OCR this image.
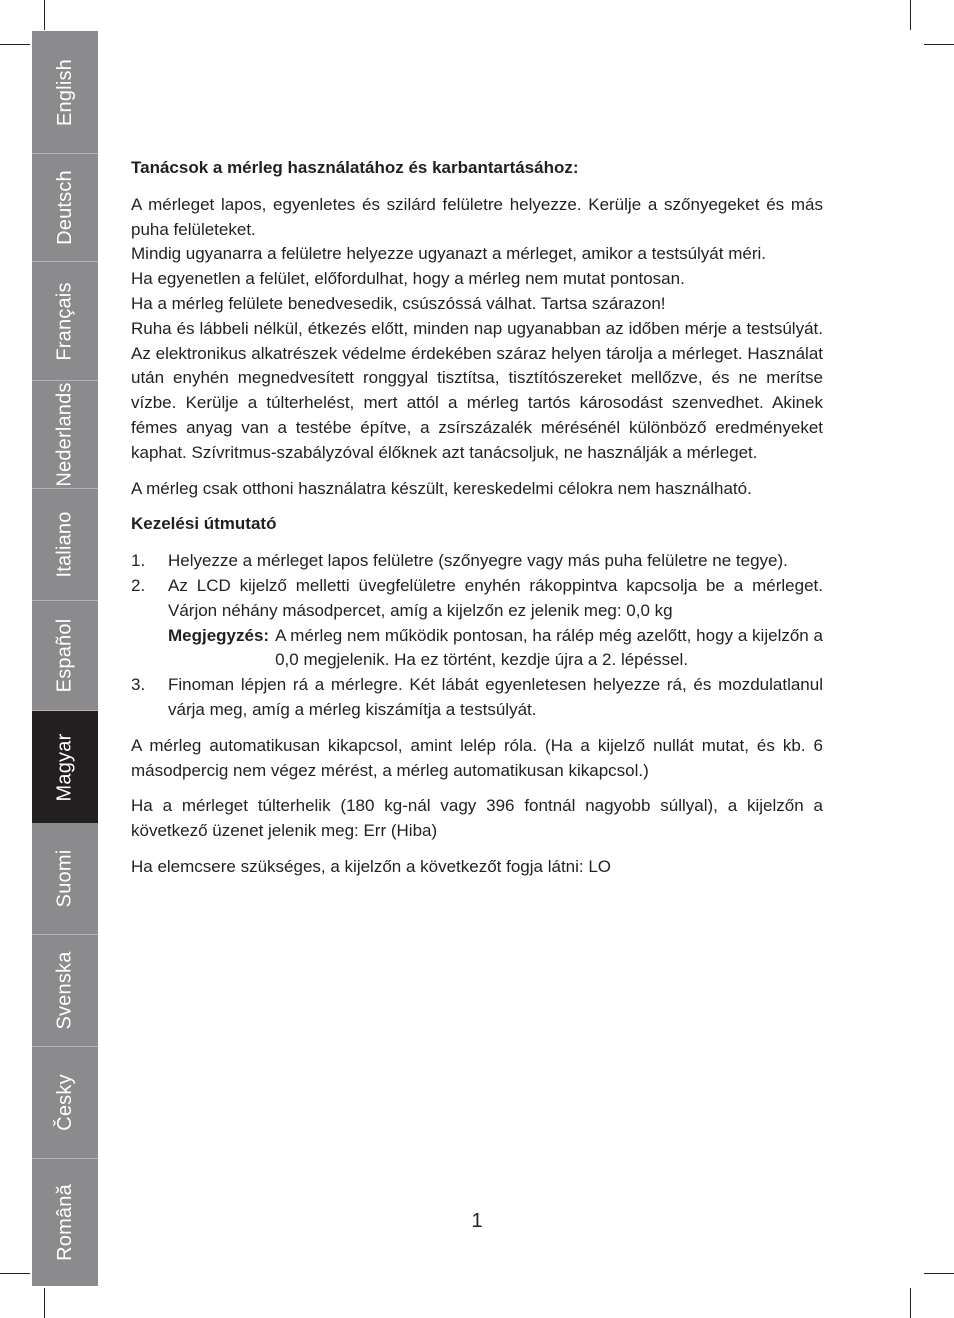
English
Deutsch
Français
Nederlands
Italiano
Español
Magyar
Suomi
Svenska
Česky
Română

Tanácsok a mérleg használatához és karbantartásához:

A mérleget lapos, egyenletes és szilárd felületre helyezze. Kerülje a szőnyegeket és más puha felületeket.

Mindig ugyanarra a felületre helyezze ugyanazt a mérleget, amikor a testsúlyát méri.

Ha egyenetlen a felület, előfordulhat, hogy a mérleg nem mutat pontosan.

Ha a mérleg felülete benedvesedik, csúszóssá válhat. Tartsa szárazon!

Ruha és lábbeli nélkül, étkezés előtt, minden nap ugyanabban az időben mérje a testsúlyát. Az elektronikus alkatrészek védelme érdekében száraz helyen tárolja a mérleget. Használat után enyhén megnedvesített ronggyal tisztítsa, tisztítószereket mellőzve, és ne merítse vízbe. Kerülje a túlterhelést, mert attól a mérleg tartós károsodást szenvedhet. Akinek fémes anyag van a testébe építve, a zsírszázalék mérésénél különböző eredményeket kaphat. Szívritmus-szabályzóval élőknek azt tanácsoljuk, ne használják a mérleget.

A mérleg csak otthoni használatra készült, kereskedelmi célokra nem használható.

Kezelési útmutató

1.	Helyezze a mérleget lapos felületre (szőnyegre vagy más puha felületre ne tegye).
2.	Az LCD kijelző melletti üvegfelületre enyhén rákoppintva kapcsolja be a mérleget. Várjon néhány másodpercet, amíg a kijelzőn ez jelenik meg: 0,0 kg
Megjegyzés: A mérleg nem működik pontosan, ha rálép még azelőtt, hogy a kijelzőn a 0,0 megjelenik. Ha ez történt, kezdje újra a 2. lépéssel.
3.	Finoman lépjen rá a mérlegre. Két lábát egyenletesen helyezze rá, és mozdulatlanul várja meg, amíg a mérleg kiszámítja a testsúlyát.

A mérleg automatikusan kikapcsol, amint lelép róla. (Ha a kijelző nullát mutat, és kb. 6 másodpercig nem végez mérést, a mérleg automatikusan kikapcsol.)

Ha a mérleget túlterhelik (180 kg-nál vagy 396 fontnál nagyobb súllyal), a kijelzőn a következő üzenet jelenik meg: Err (Hiba)

Ha elemcsere szükséges, a kijelzőn a következőt fogja látni: LO

1
